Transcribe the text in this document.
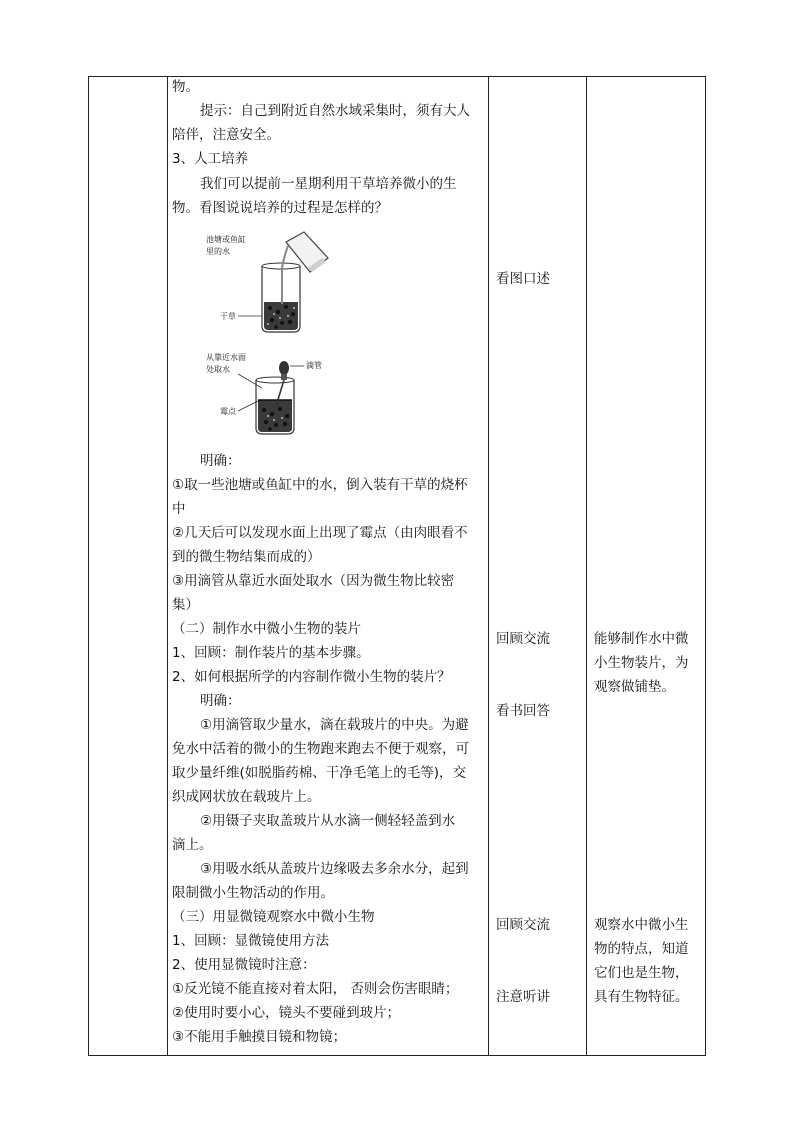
物。
提示：自己到附近自然水域采集时，须有大人
陪伴，注意安全。
3、人工培养
我们可以提前一星期利用干草培养微小的生
物。看图说说培养的过程是怎样的？
池塘或鱼缸
里的水
干草
从靠近水面
处取水	滴管
霉点
明确：
①取一些池塘或鱼缸中的水，倒入装有干草的烧杯
中
②几天后可以发现水面上出现了霉点（由肉眼看不
到的微生物结集而成的）
③用滴管从靠近水面处取水（因为微生物比较密
集）
（二）制作水中微小生物的装片
1、回顾：制作装片的基本步骤。
2、如何根据所学的内容制作微小生物的装片？
明确：
①用滴管取少量水，滴在载玻片的中央。为避
免水中活着的微小的生物跑来跑去不便于观察，可
取少量纤维(如脱脂药棉、干净毛笔上的毛等)，交
织成网状放在载玻片上。
②用镊子夹取盖玻片从水滴一侧轻轻盖到水
滴上。
③用吸水纸从盖玻片边缘吸去多余水分，起到
限制微小生物活动的作用。
（三）用显微镜观察水中微小生物
1、回顾：显微镜使用方法
2、使用显微镜时注意：
①反光镜不能直接对着太阳， 否则会伤害眼睛；
②使用时要小心，镜头不要碰到玻片；
③不能用手触摸目镜和物镜；
看图口述
回顾交流
看书回答
回顾交流
注意听讲
能够制作水中微
小生物装片，为
观察做铺垫。
观察水中微小生
物的特点，知道
它们也是生物，
具有生物特征。
